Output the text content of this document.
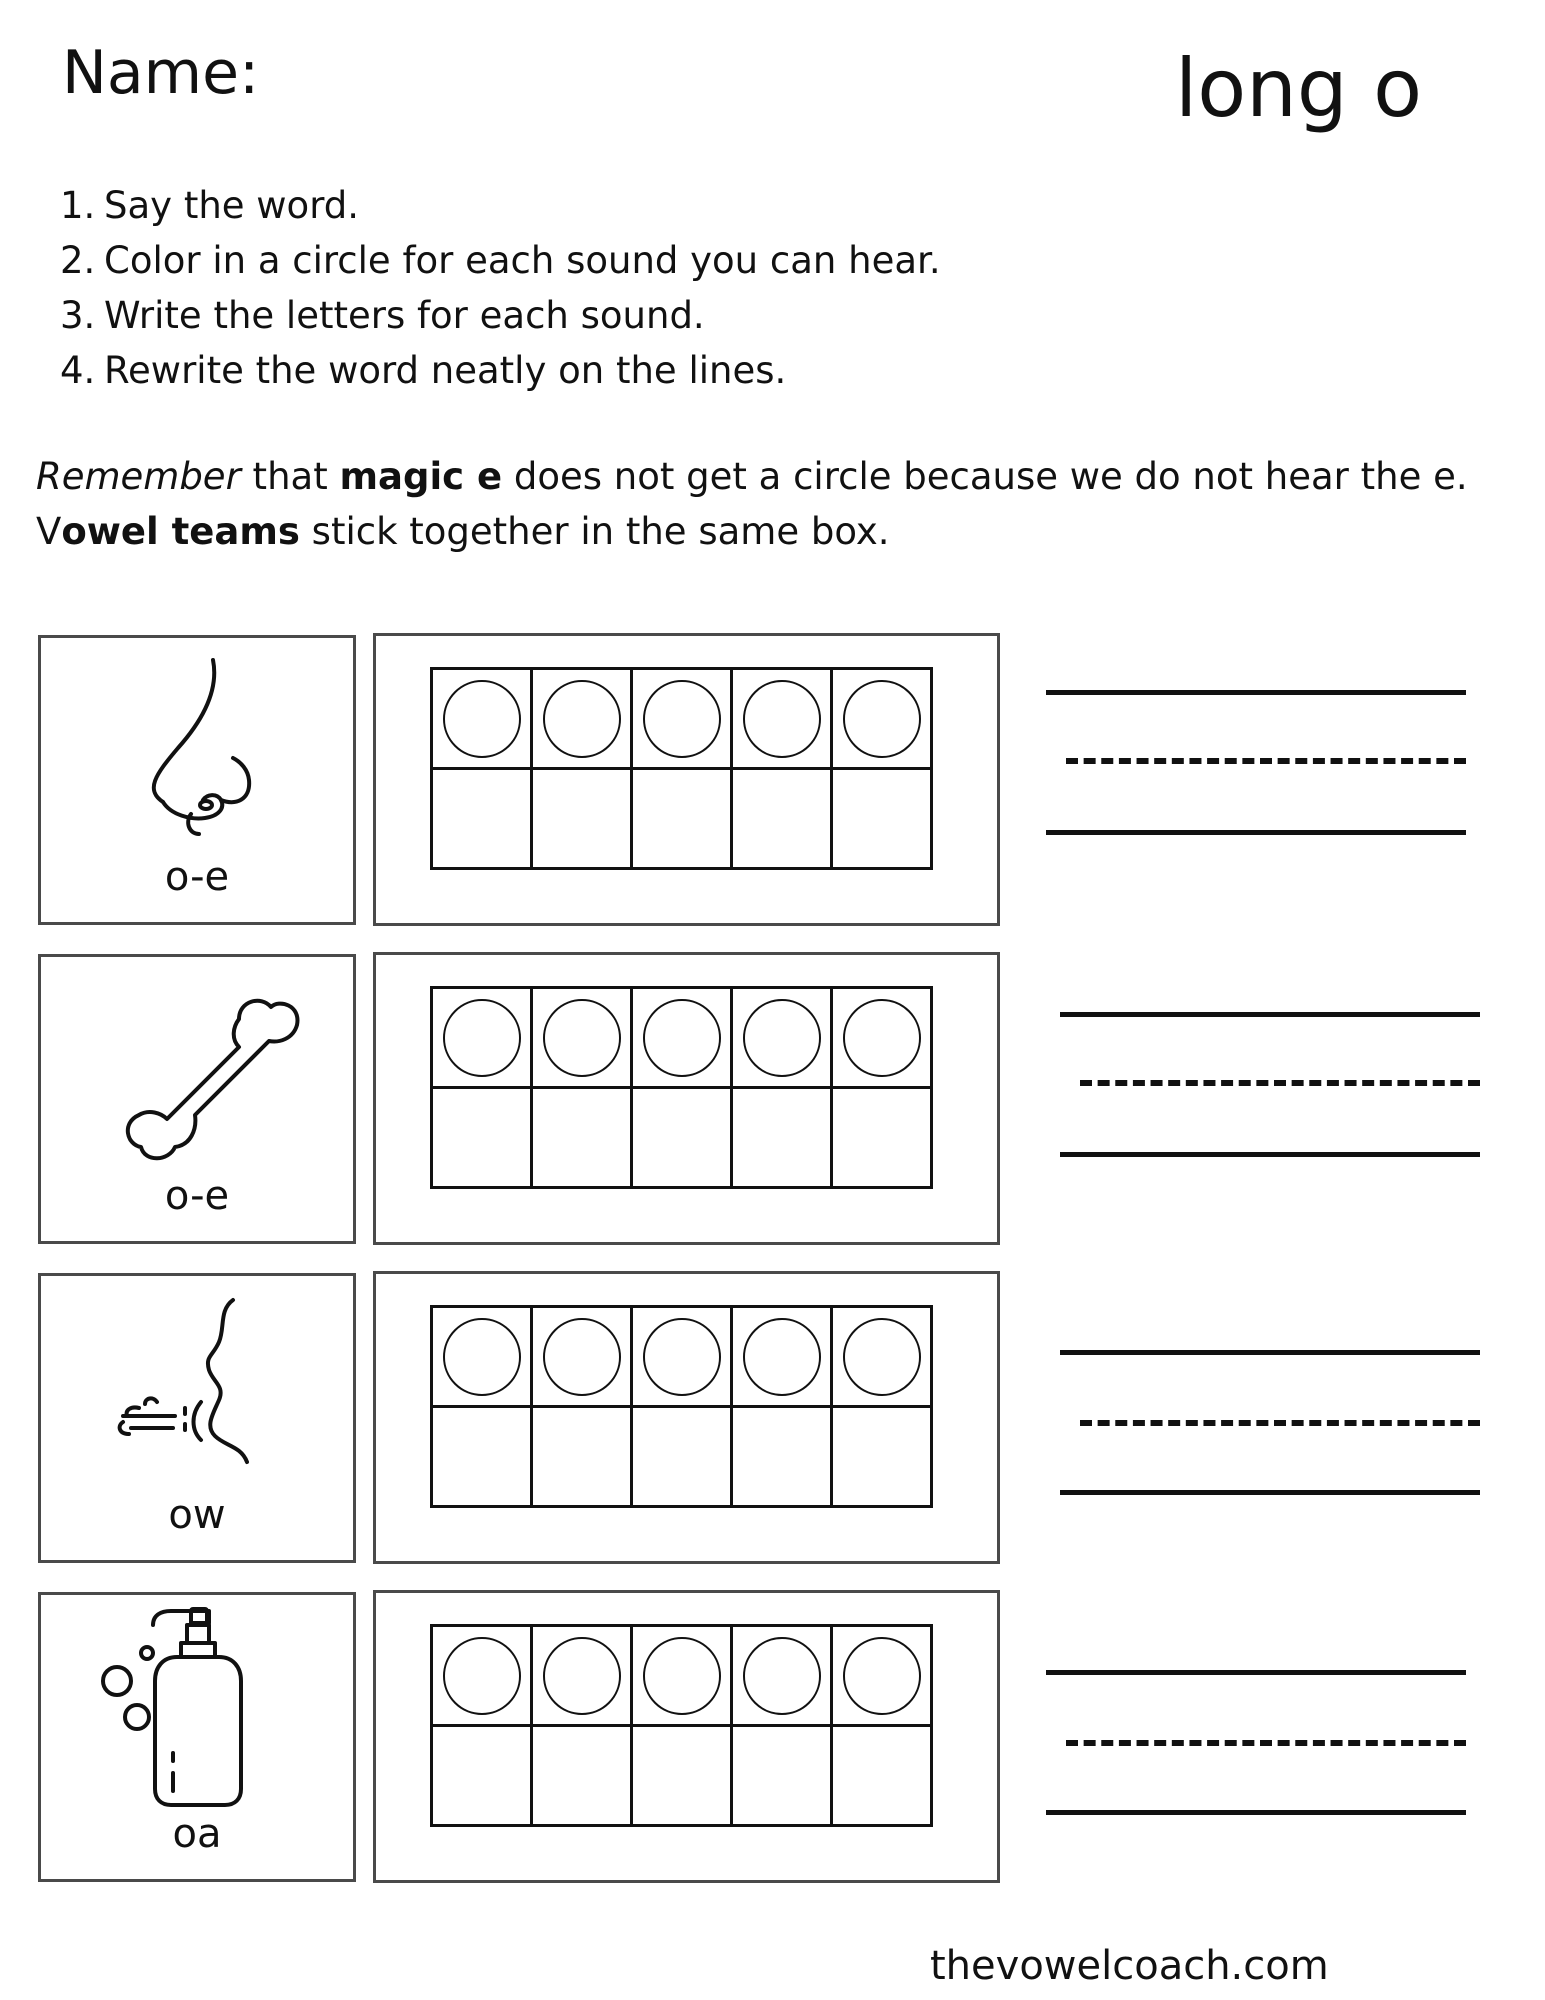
Name:	long o
1. Say the word.
2. Color in a circle for each sound you can hear.
3. Write the letters for each sound.
4. Rewrite the word neatly on the lines.
Remember that magic e does not get a circle because we do not hear the e.
Vowel teams stick together in the same box.
o-e
o-e
ow
oa
thevowelcoach.com
